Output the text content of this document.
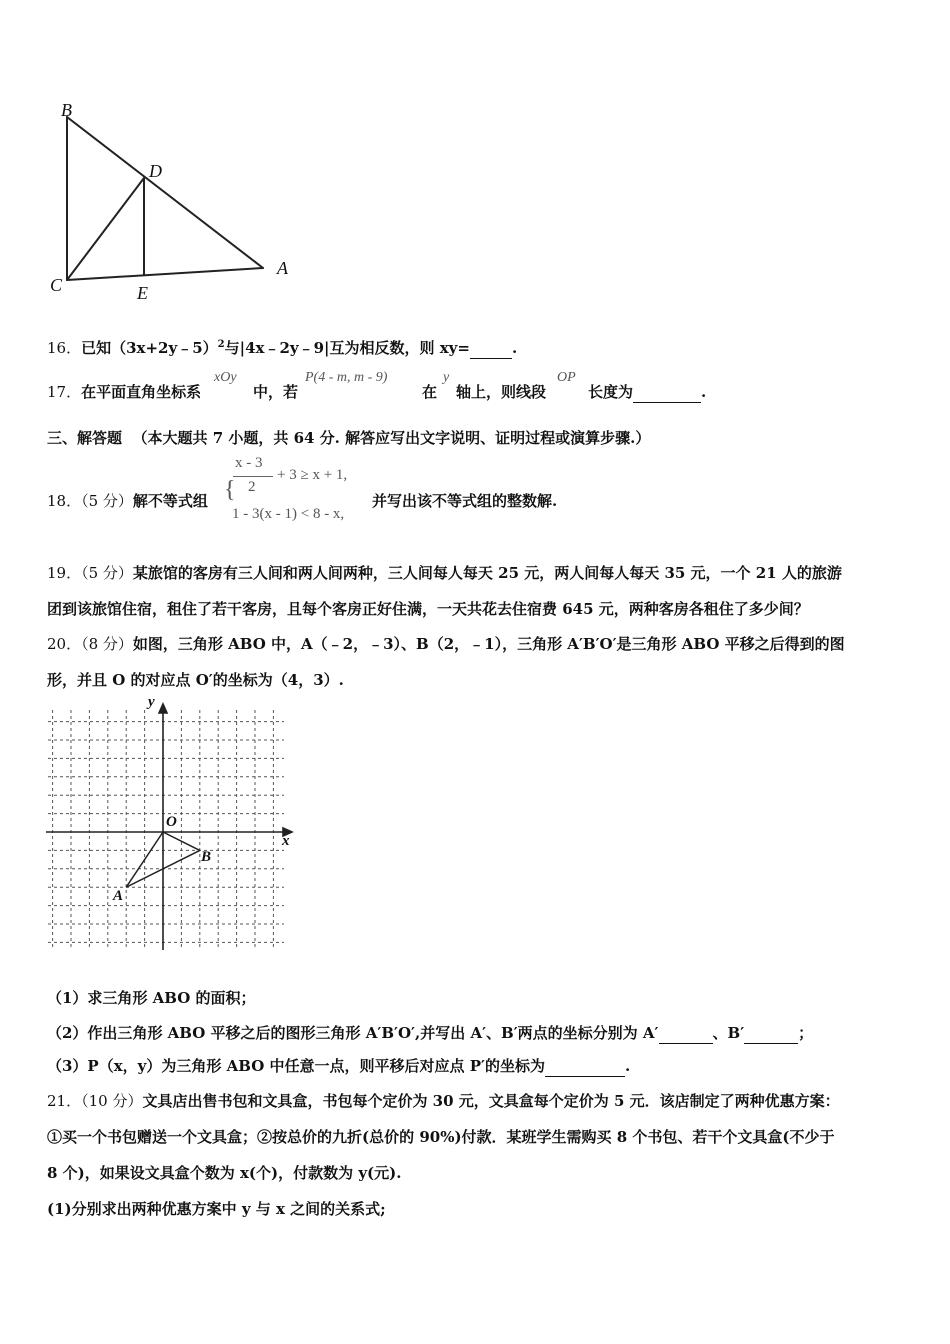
B
D
C	E
A
16．已知（3x+2y﹣5）$^2$与|4x﹣2y﹣9|互为相反数，则 xy=	.
17．在平面直角坐标系
xOy
中，若
P(4 - m, m - 9)
在
y
轴上，则线段
OP
长度为	.
三、解答题 （本大题共 7 小题，共 64 分. 解答应写出文字说明、证明过程或演算步骤.）
18．（5 分）解不等式组 {
x - 3
2
+ 3 ≥ x + 1,
1 - 3(x - 1) < 8 - x,
并写出该不等式组的整数解.
19．（5 分）某旅馆的客房有三人间和两人间两种，三人间每人每天 25 元，两人间每人每天 35 元，一个 21 人的旅游
团到该旅馆住宿，租住了若干客房，且每个客房正好住满，一天共花去住宿费 645 元，两种客房各租住了多少间？
20．（8 分）如图，三角形 ABO 中，A（﹣2，﹣3）、B（2，﹣1），三角形 A′B′O′是三角形 ABO 平移之后得到的图
形，并且 O 的对应点 O′的坐标为（4，3）.
y
x
O
A
B
（1）求三角形 ABO 的面积；
（2）作出三角形 ABO 平移之后的图形三角形 A′B′O′,并写出 A′、B′两点的坐标分别为 A′	、B′	；
（3）P（x，y）为三角形 ABO 中任意一点，则平移后对应点 P′的坐标为	.
21．（10 分）文具店出售书包和文具盒，书包每个定价为 30 元，文具盒每个定价为 5 元．该店制定了两种优惠方案：
①买一个书包赠送一个文具盒；②按总价的九折(总价的 90%)付款．某班学生需购买 8 个书包、若干个文具盒(不少于
8 个)，如果设文具盒个数为 x(个)，付款数为 y(元).
(1)分别求出两种优惠方案中 y 与 x 之间的关系式;
